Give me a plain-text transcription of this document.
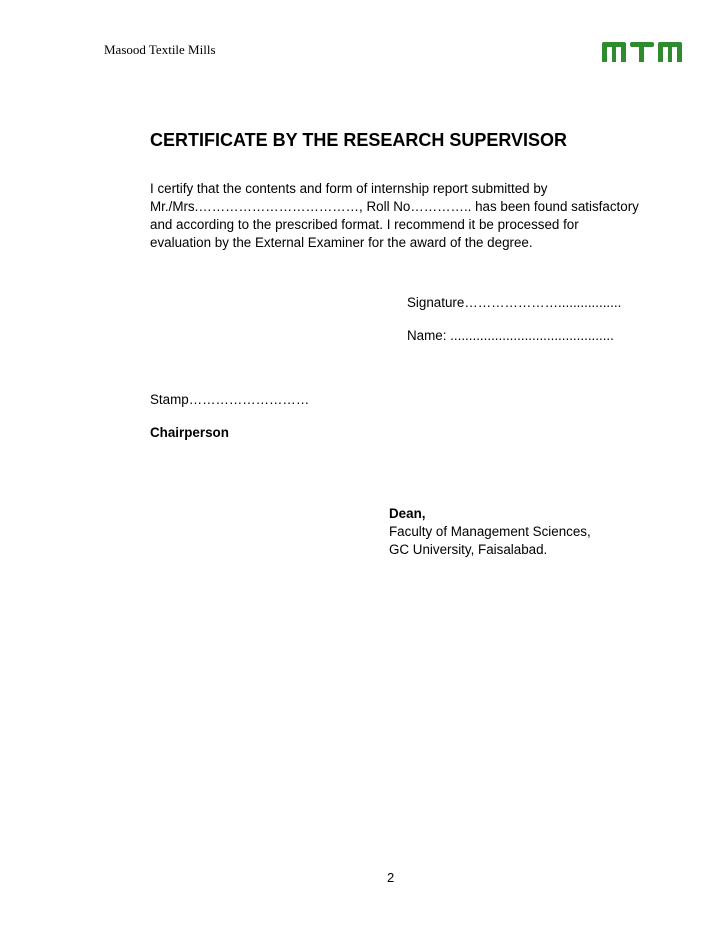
Masood Textile Mills
CERTIFICATE BY THE RESEARCH SUPERVISOR
I certify that the contents and form of internship report submitted by
Mr./Mrs.………………………………, Roll No………….. has been found satisfactory
and according to the prescribed format. I recommend it be processed for
evaluation by the External Examiner for the award of the degree.
Signature………………….................
Name: ............................................
Stamp………………………
Chairperson
Dean,
Faculty of Management Sciences,
GC University, Faisalabad.
2
